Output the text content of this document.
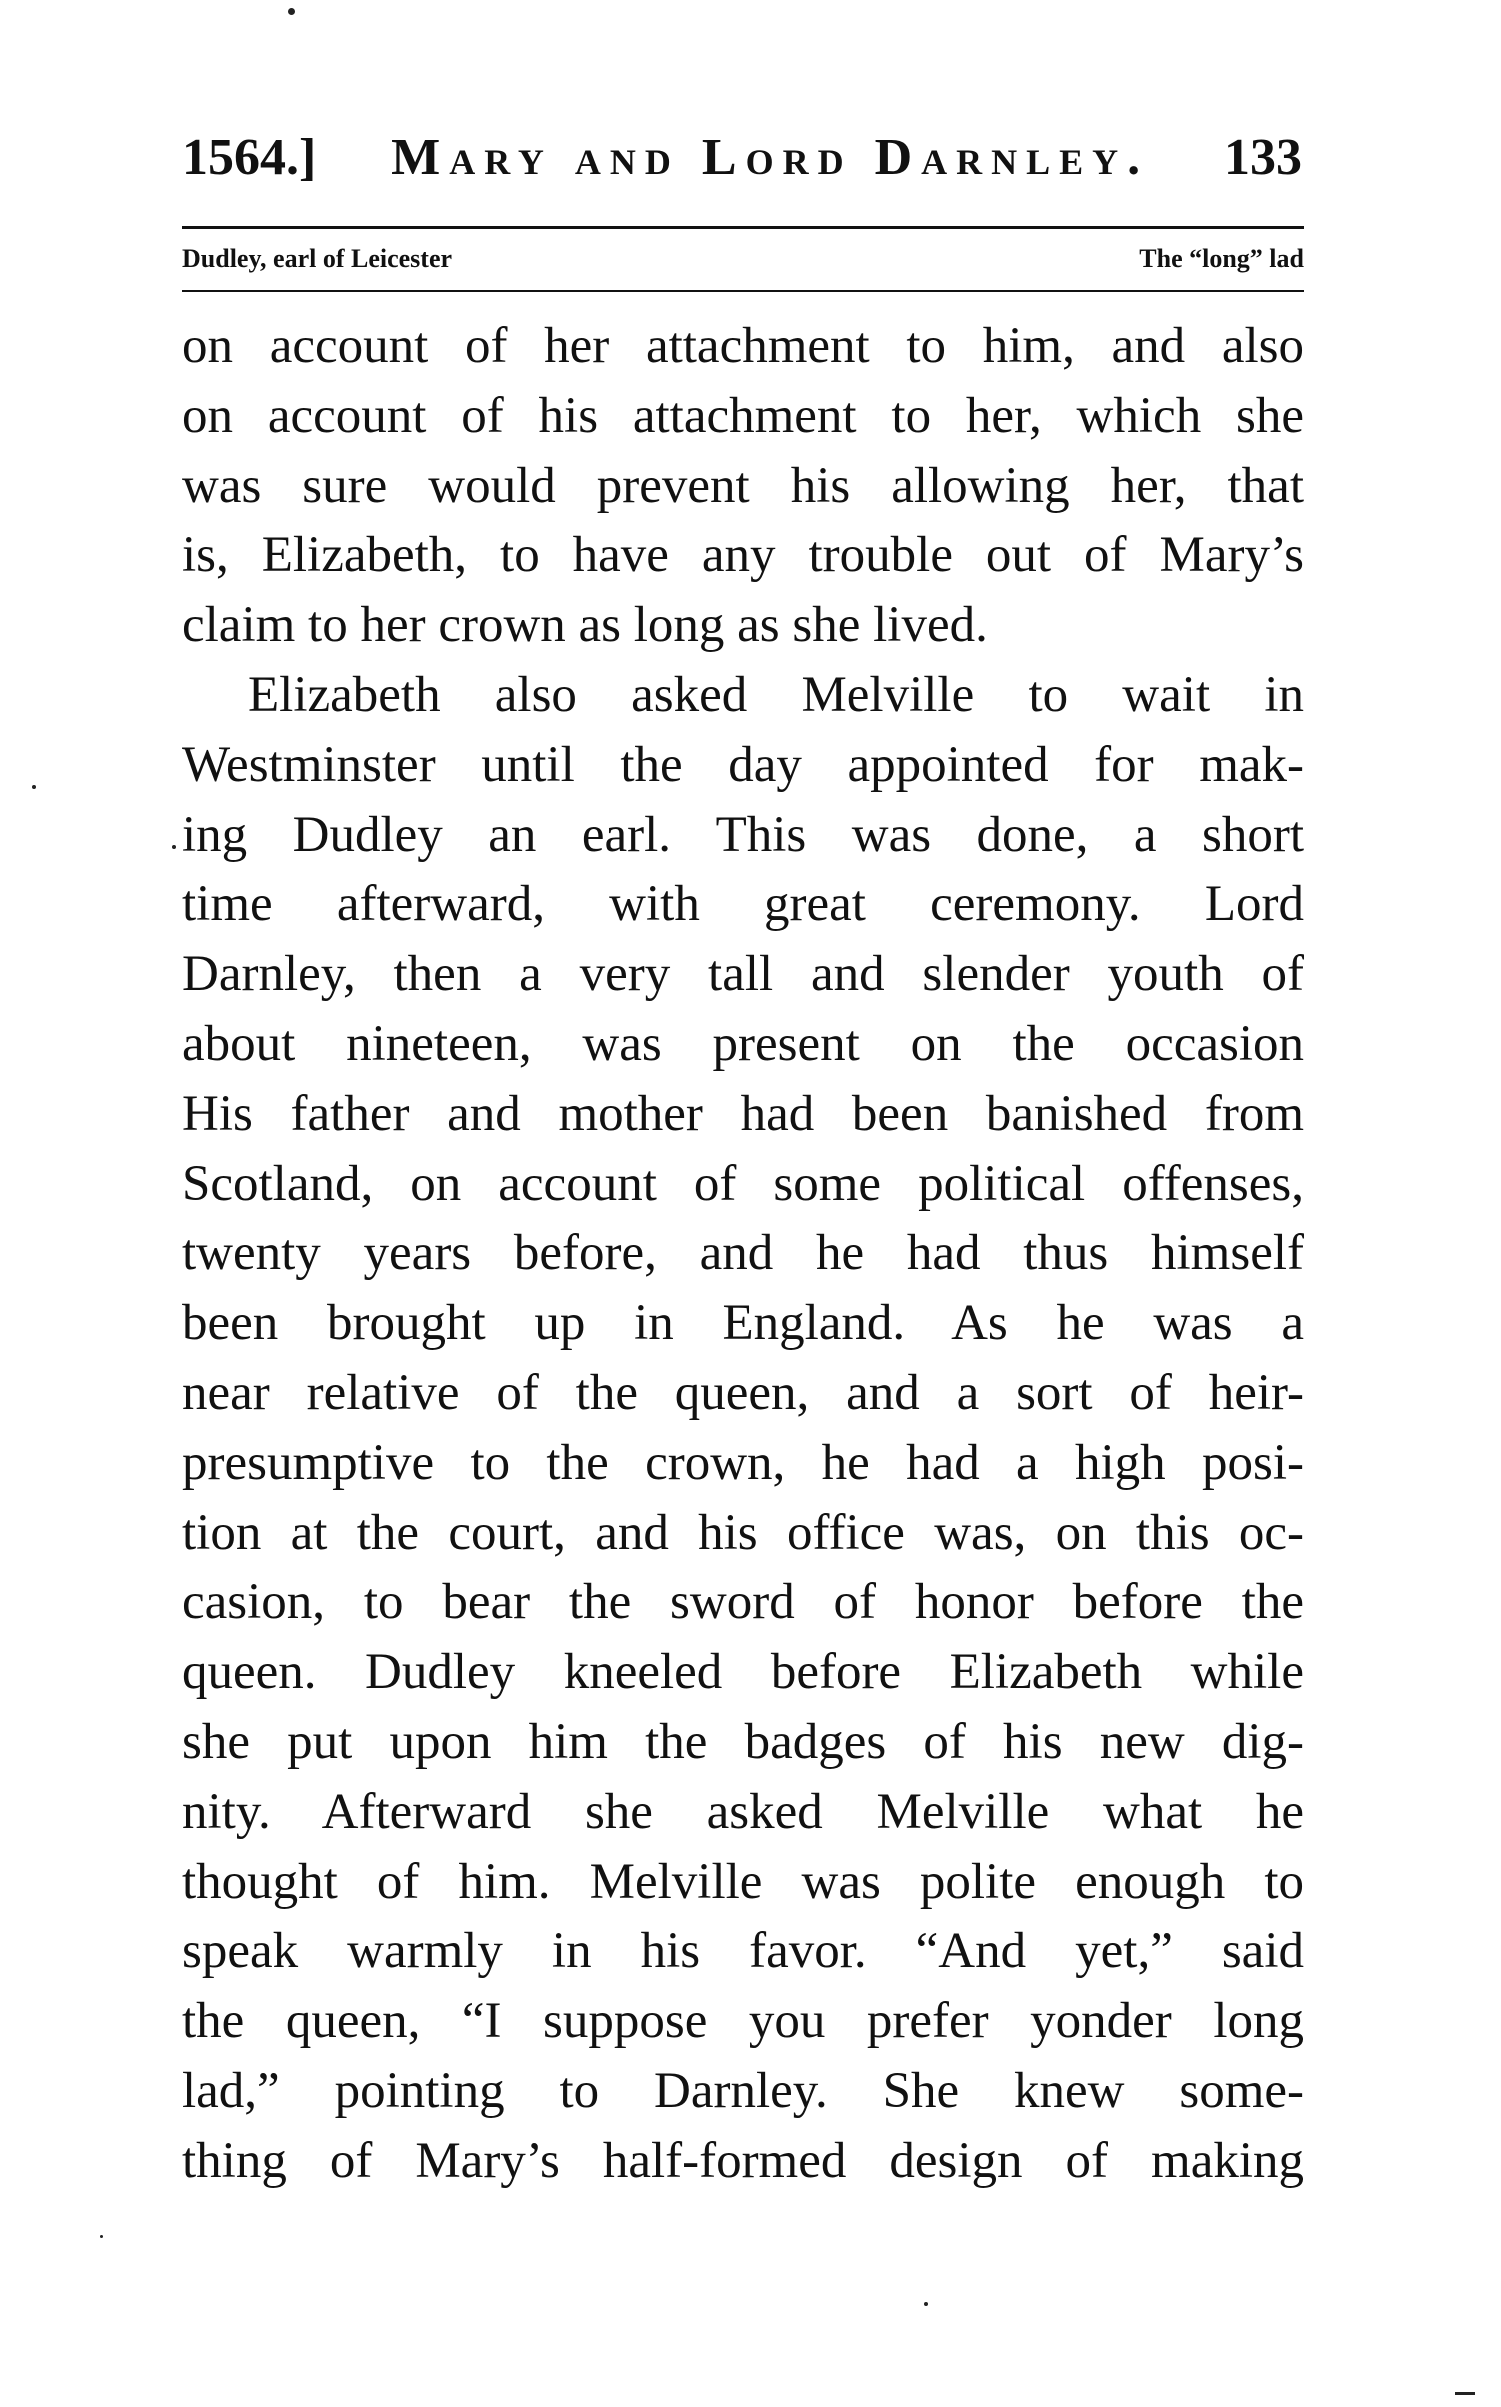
1564.] Mary and Lord Darnley. 133
Dudley, earl of Leicester	The “long” lad
on account of her attachment to him, and also
on account of his attachment to her, which she
was sure would prevent his allowing her, that
is, Elizabeth, to have any trouble out of Mary’s
claim to her crown as long as she lived.
Elizabeth also asked Melville to wait in
Westminster until the day appointed for mak-
ing Dudley an earl. This was done, a short
time afterward, with great ceremony. Lord
Darnley, then a very tall and slender youth of
about nineteen, was present on the occasion
His father and mother had been banished from
Scotland, on account of some political offenses,
twenty years before, and he had thus himself
been brought up in England. As he was a
near relative of the queen, and a sort of heir-
presumptive to the crown, he had a high posi-
tion at the court, and his office was, on this oc-
casion, to bear the sword of honor before the
queen. Dudley kneeled before Elizabeth while
she put upon him the badges of his new dig-
nity. Afterward she asked Melville what he
thought of him. Melville was polite enough to
speak warmly in his favor. “And yet,” said
the queen, “I suppose you prefer yonder long
lad,” pointing to Darnley. She knew some-
thing of Mary’s half-formed design of making
